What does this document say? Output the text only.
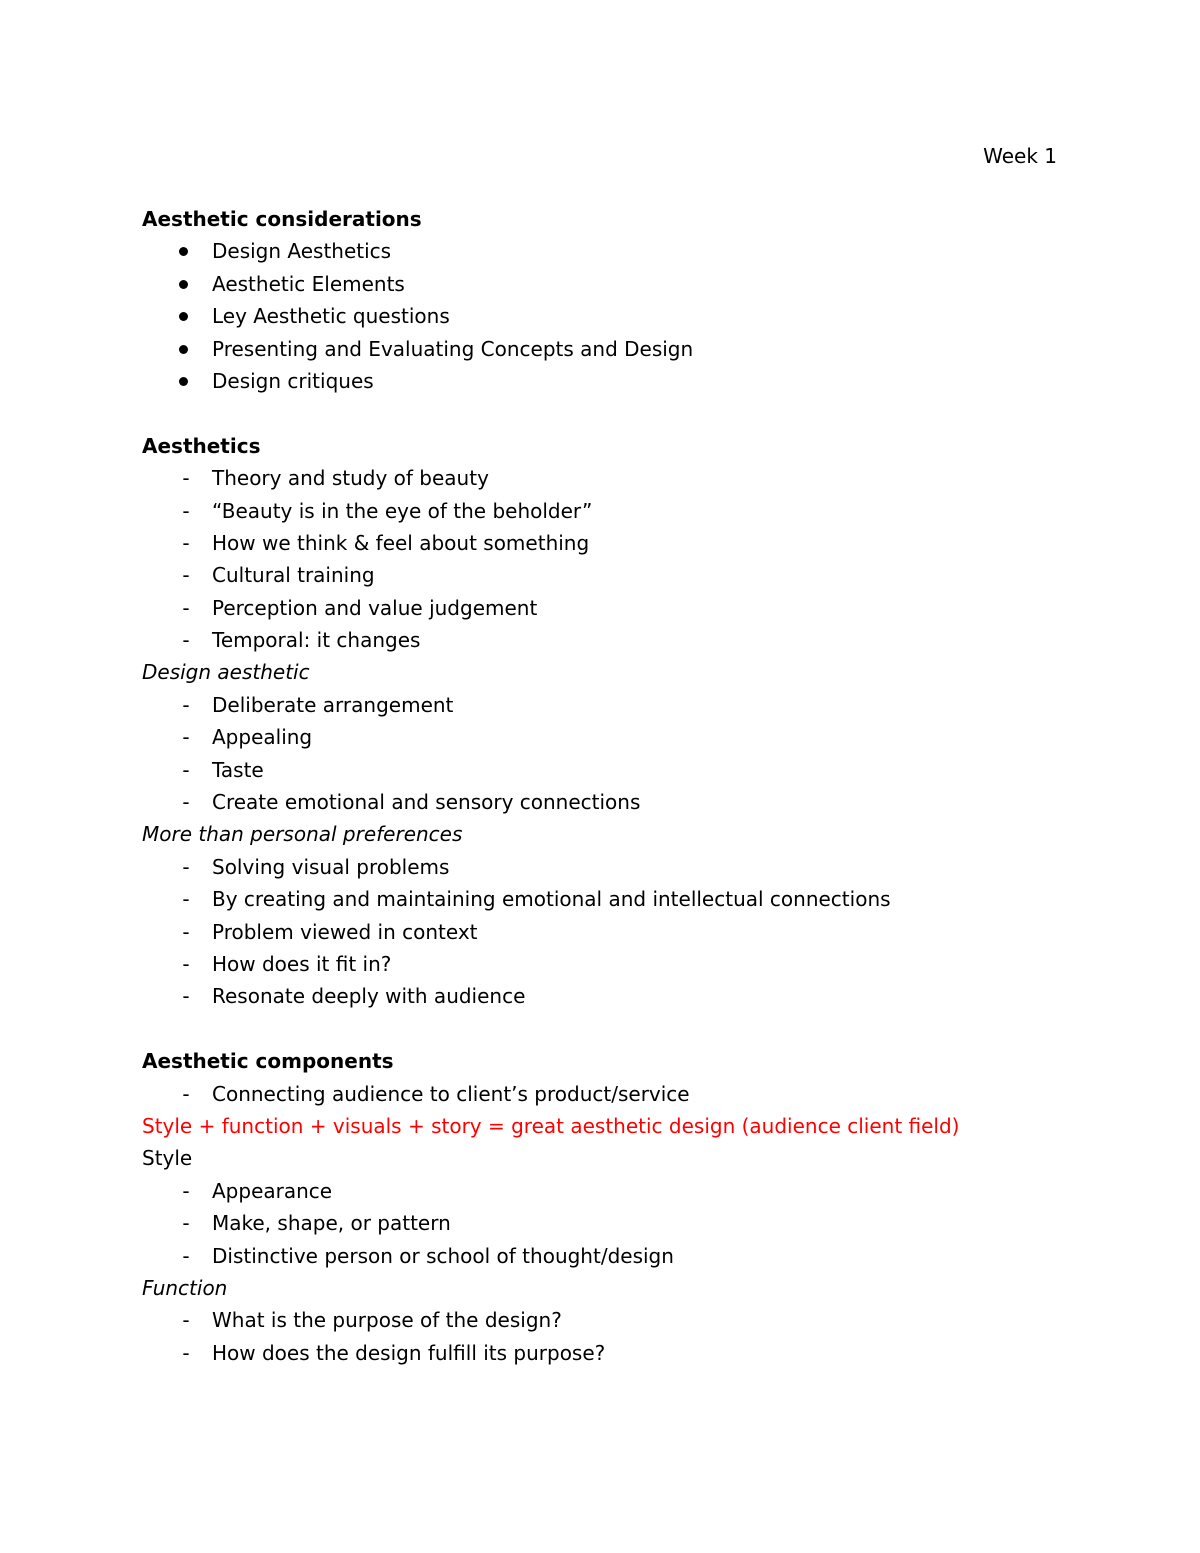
Week 1
Aesthetic considerations
Design Aesthetics
Aesthetic Elements
Ley Aesthetic questions
Presenting and Evaluating Concepts and Design
Design critiques
Aesthetics
-	Theory and study of beauty
-	“Beauty is in the eye of the beholder”
-	How we think & feel about something
-	Cultural training
-	Perception and value judgement
-	Temporal: it changes
Design aesthetic
-	Deliberate arrangement
-	Appealing
-	Taste
-	Create emotional and sensory connections
More than personal preferences
-	Solving visual problems
-	By creating and maintaining emotional and intellectual connections
-	Problem viewed in context
-	How does it fit in?
-	Resonate deeply with audience
Aesthetic components
-	Connecting audience to client’s product/service
Style + function + visuals + story = great aesthetic design (audience client field)
Style
-	Appearance
-	Make, shape, or pattern
-	Distinctive person or school of thought/design
Function
-	What is the purpose of the design?
-	How does the design fulfill its purpose?
